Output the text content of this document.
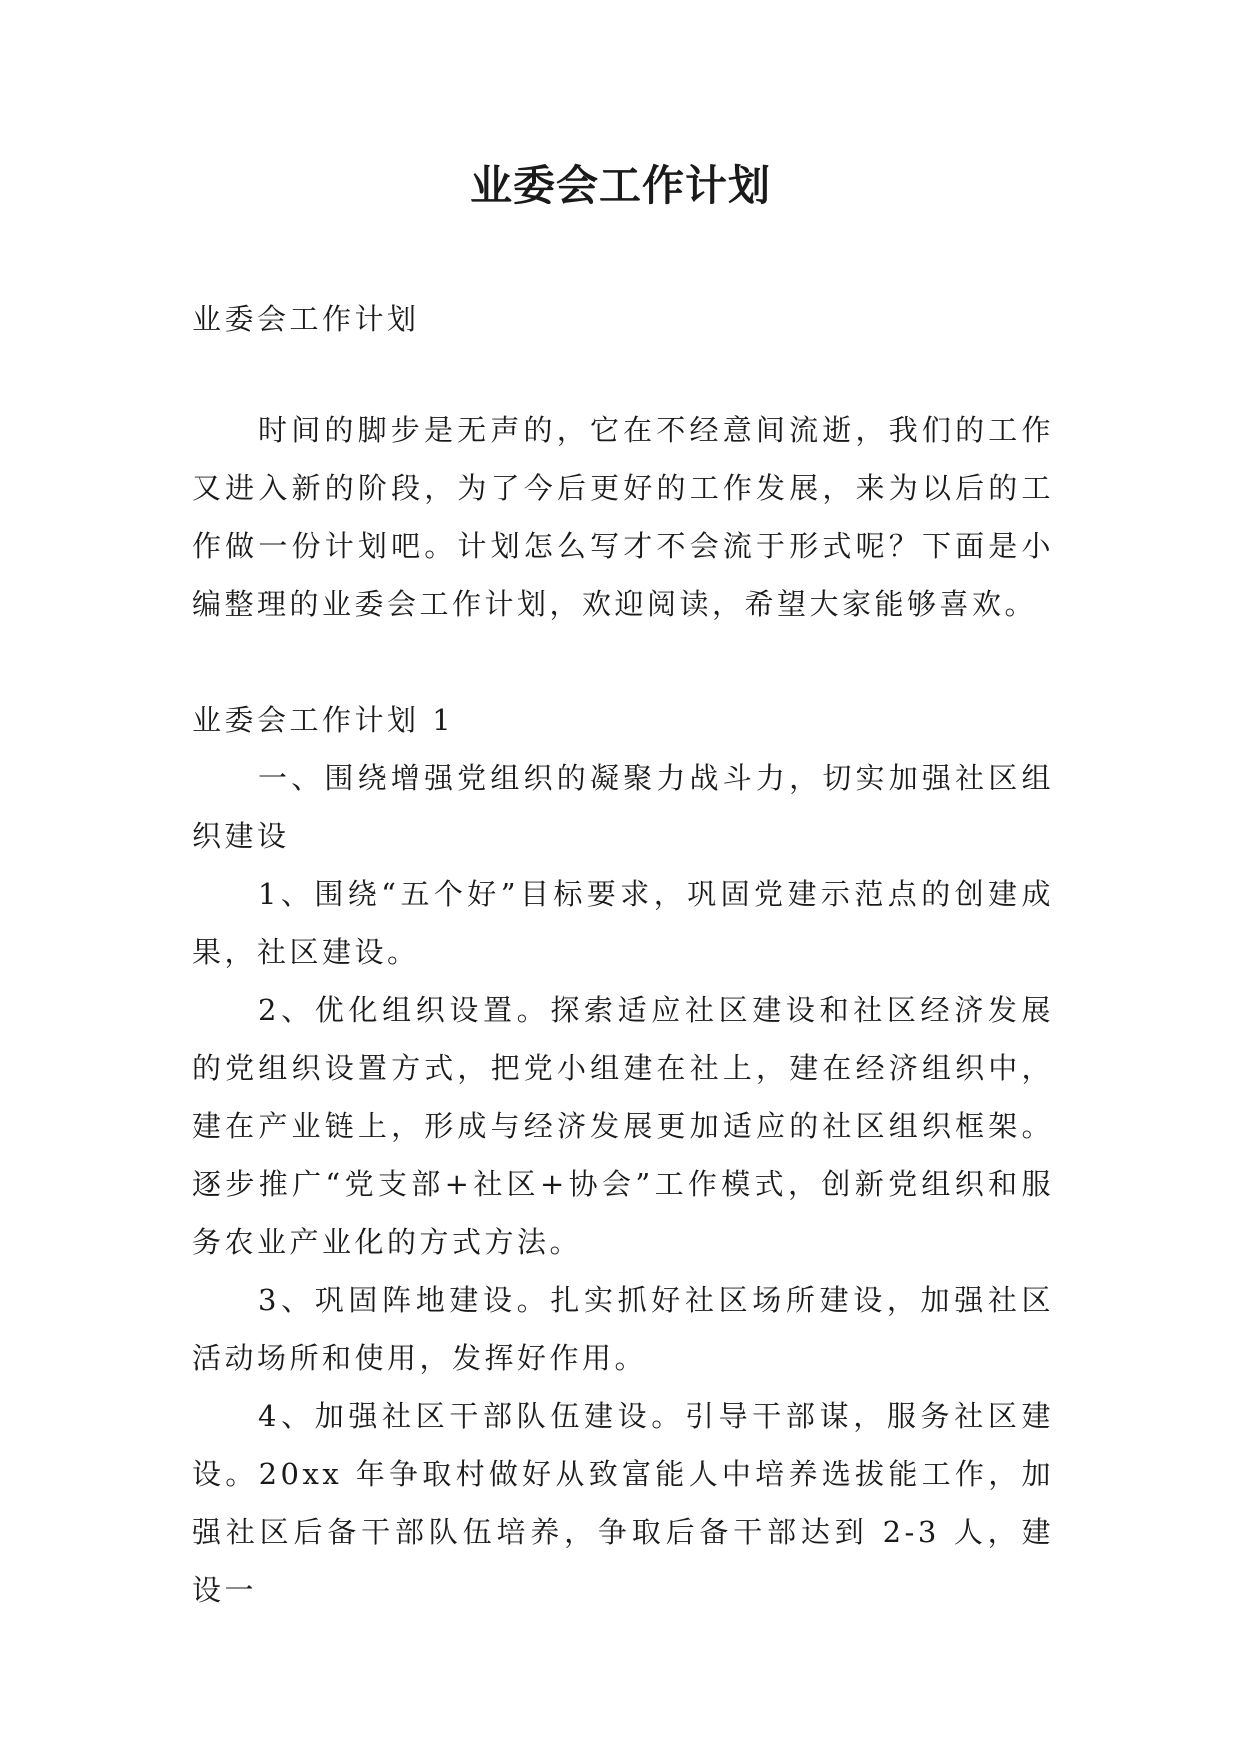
业委会工作计划

业委会工作计划

时间的脚步是无声的，它在不经意间流逝，我们的工作又进入新的阶段，为了今后更好的工作发展，来为以后的工作做一份计划吧。计划怎么写才不会流于形式呢？下面是小编整理的业委会工作计划，欢迎阅读，希望大家能够喜欢。

业委会工作计划 1

一、围绕增强党组织的凝聚力战斗力，切实加强社区组织建设

1、围绕“五个好”目标要求，巩固党建示范点的创建成果，社区建设。

2、优化组织设置。探索适应社区建设和社区经济发展的党组织设置方式，把党小组建在社上，建在经济组织中，建在产业链上，形成与经济发展更加适应的社区组织框架。逐步推广“党支部+社区+协会”工作模式，创新党组织和服务农业产业化的方式方法。

3、巩固阵地建设。扎实抓好社区场所建设，加强社区活动场所和使用，发挥好作用。

4、加强社区干部队伍建设。引导干部谋，服务社区建设。20xx 年争取村做好从致富能人中培养选拔能工作，加强社区后备干部队伍培养，争取后备干部达到 2-3 人，建设一
